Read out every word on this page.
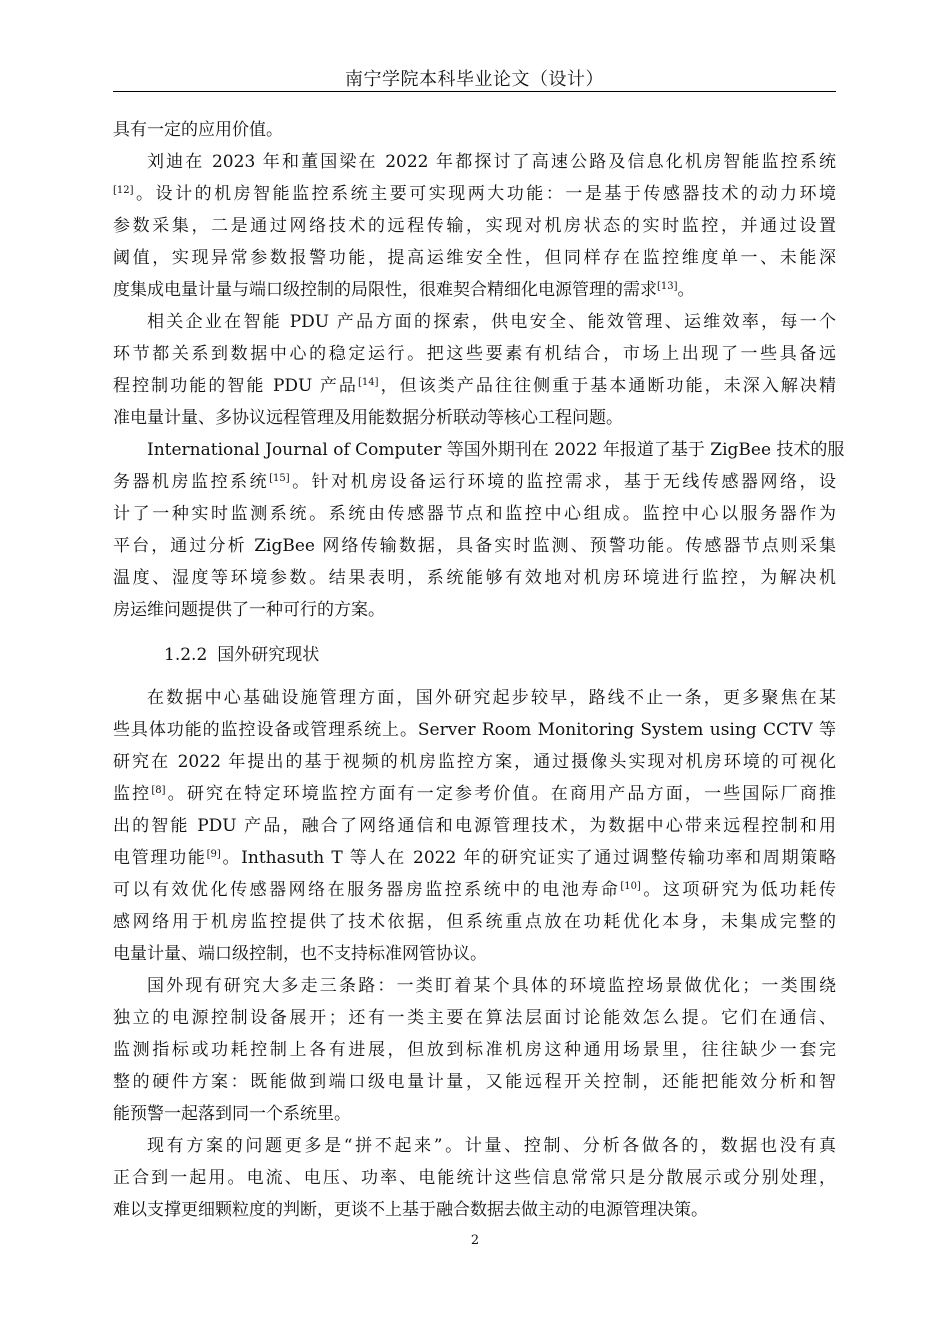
南宁学院本科毕业论文（设计）
具有一定的应用价值。
刘迪在 2023 年和董国梁在 2022 年都探讨了高速公路及信息化机房智能监控系统
[12]。设计的机房智能监控系统主要可实现两大功能：一是基于传感器技术的动力环境
参数采集，二是通过网络技术的远程传输，实现对机房状态的实时监控，并通过设置
阈值，实现异常参数报警功能，提高运维安全性，但同样存在监控维度单一、未能深
度集成电量计量与端口级控制的局限性，很难契合精细化电源管理的需求[13]。
相关企业在智能 PDU 产品方面的探索，供电安全、能效管理、运维效率，每一个
环节都关系到数据中心的稳定运行。把这些要素有机结合，市场上出现了一些具备远
程控制功能的智能 PDU 产品[14]，但该类产品往往侧重于基本通断功能，未深入解决精
准电量计量、多协议远程管理及用能数据分析联动等核心工程问题。
International Journal of Computer 等国外期刊在 2022 年报道了基于 ZigBee 技术的服
务器机房监控系统[15]。针对机房设备运行环境的监控需求，基于无线传感器网络，设
计了一种实时监测系统。系统由传感器节点和监控中心组成。监控中心以服务器作为
平台，通过分析 ZigBee 网络传输数据，具备实时监测、预警功能。传感器节点则采集
温度、湿度等环境参数。结果表明，系统能够有效地对机房环境进行监控，为解决机
房运维问题提供了一种可行的方案。
1.2.2 国外研究现状
在数据中心基础设施管理方面，国外研究起步较早，路线不止一条，更多聚焦在某
些具体功能的监控设备或管理系统上。Server Room Monitoring System using CCTV 等
研究在 2022 年提出的基于视频的机房监控方案，通过摄像头实现对机房环境的可视化
监控[8]。研究在特定环境监控方面有一定参考价值。在商用产品方面，一些国际厂商推
出的智能 PDU 产品，融合了网络通信和电源管理技术，为数据中心带来远程控制和用
电管理功能[9]。Inthasuth T 等人在 2022 年的研究证实了通过调整传输功率和周期策略
可以有效优化传感器网络在服务器房监控系统中的电池寿命[10]。这项研究为低功耗传
感网络用于机房监控提供了技术依据，但系统重点放在功耗优化本身，未集成完整的
电量计量、端口级控制，也不支持标准网管协议。
国外现有研究大多走三条路：一类盯着某个具体的环境监控场景做优化；一类围绕
独立的电源控制设备展开；还有一类主要在算法层面讨论能效怎么提。它们在通信、
监测指标或功耗控制上各有进展，但放到标准机房这种通用场景里，往往缺少一套完
整的硬件方案：既能做到端口级电量计量，又能远程开关控制，还能把能效分析和智
能预警一起落到同一个系统里。
现有方案的问题更多是“拼不起来”。计量、控制、分析各做各的，数据也没有真
正合到一起用。电流、电压、功率、电能统计这些信息常常只是分散展示或分别处理，
难以支撑更细颗粒度的判断，更谈不上基于融合数据去做主动的电源管理决策。
2
